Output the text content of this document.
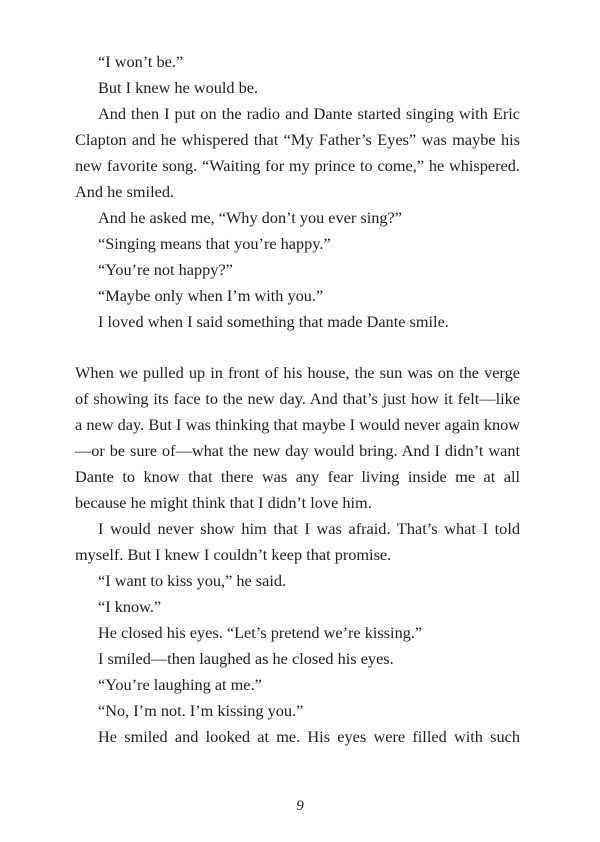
“I won’t be.”

But I knew he would be.

And then I put on the radio and Dante started singing with Eric Clapton and he whispered that “My Father’s Eyes” was maybe his new favorite song. “Waiting for my prince to come,” he whispered. And he smiled.

And he asked me, “Why don’t you ever sing?”

“Singing means that you’re happy.”

“You’re not happy?”

“Maybe only when I’m with you.”

I loved when I said something that made Dante smile.

When we pulled up in front of his house, the sun was on the verge of showing its face to the new day. And that’s just how it felt—like a new day. But I was thinking that maybe I would never again know—or be sure of—what the new day would bring. And I didn’t want Dante to know that there was any fear living inside me at all because he might think that I didn’t love him.

I would never show him that I was afraid. That’s what I told myself. But I knew I couldn’t keep that promise.

“I want to kiss you,” he said.

“I know.”

He closed his eyes. “Let’s pretend we’re kissing.”

I smiled—then laughed as he closed his eyes.

“You’re laughing at me.”

“No, I’m not. I’m kissing you.”

He smiled and looked at me. His eyes were filled with such

9
